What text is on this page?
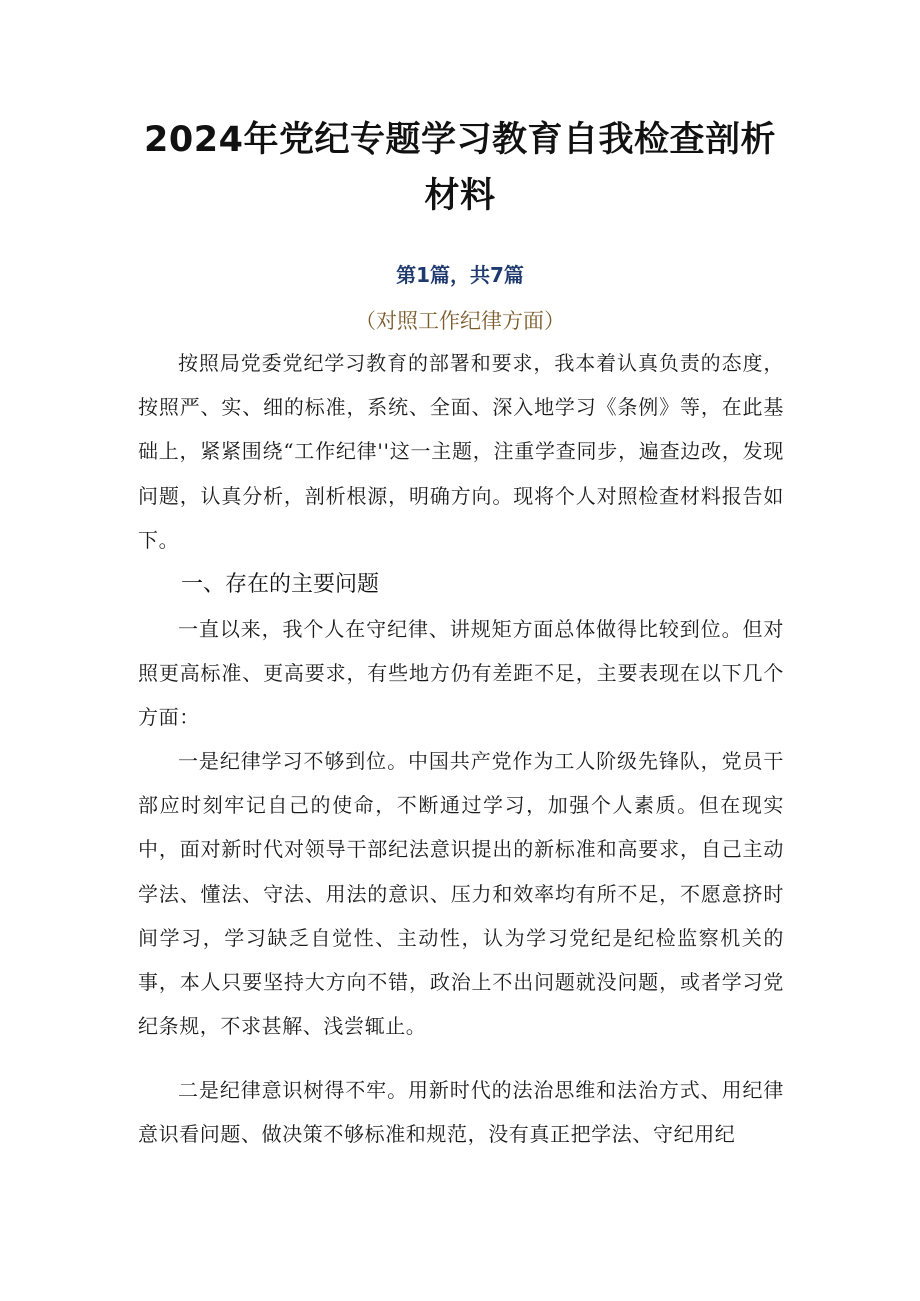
2024年党纪专题学习教育自我检查剖析材料
第1篇，共7篇
（对照工作纪律方面）

按照局党委党纪学习教育的部署和要求，我本着认真负责的态度，按照严、实、细的标准，系统、全面、深入地学习《条例》等，在此基础上，紧紧围绕“工作纪律''这一主题，注重学查同步，遍查边改，发现问题，认真分析，剖析根源，明确方向。现将个人对照检查材料报告如下。

一、存在的主要问题

一直以来，我个人在守纪律、讲规矩方面总体做得比较到位。但对照更高标准、更高要求，有些地方仍有差距不足，主要表现在以下几个方面：

一是纪律学习不够到位。中国共产党作为工人阶级先锋队，党员干部应时刻牢记自己的使命，不断通过学习，加强个人素质。但在现实中，面对新时代对领导干部纪法意识提出的新标准和高要求，自己主动学法、懂法、守法、用法的意识、压力和效率均有所不足，不愿意挤时间学习，学习缺乏自觉性、主动性，认为学习党纪是纪检监察机关的事，本人只要坚持大方向不错，政治上不出问题就没问题，或者学习党纪条规，不求甚解、浅尝辄止。

二是纪律意识树得不牢。用新时代的法治思维和法治方式、用纪律意识看问题、做决策不够标准和规范，没有真正把学法、守纪用纪
